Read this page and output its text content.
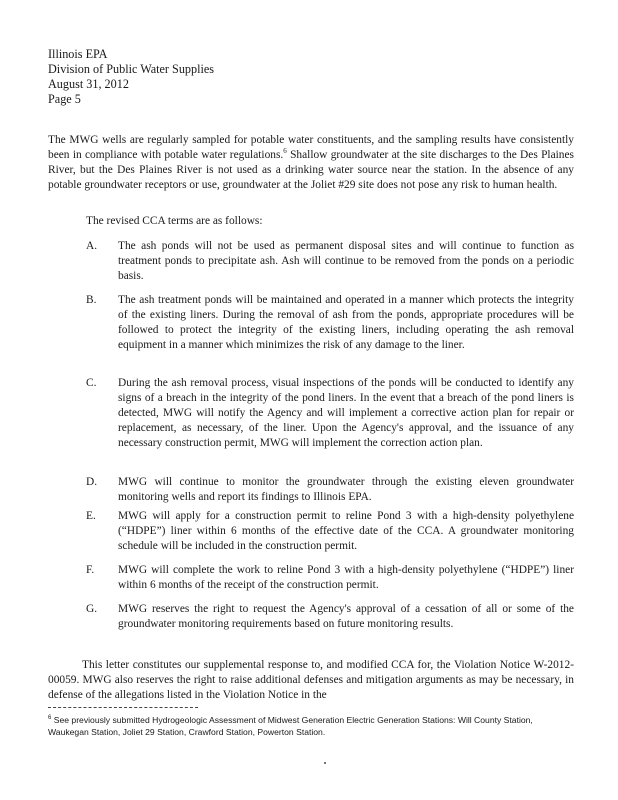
Illinois EPA
Division of Public Water Supplies
August 31, 2012
Page 5

The MWG wells are regularly sampled for potable water constituents, and the sampling results have consistently been in compliance with potable water regulations.$^6$ Shallow groundwater at the site discharges to the Des Plaines River, but the Des Plaines River is not used as a drinking water source near the station. In the absence of any potable groundwater receptors or use, groundwater at the Joliet #29 site does not pose any risk to human health.

The revised CCA terms are as follows:

A. The ash ponds will not be used as permanent disposal sites and will continue to function as treatment ponds to precipitate ash. Ash will continue to be removed from the ponds on a periodic basis.
B. The ash treatment ponds will be maintained and operated in a manner which protects the integrity of the existing liners. During the removal of ash from the ponds, appropriate procedures will be followed to protect the integrity of the existing liners, including operating the ash removal equipment in a manner which minimizes the risk of any damage to the liner.
C. During the ash removal process, visual inspections of the ponds will be conducted to identify any signs of a breach in the integrity of the pond liners. In the event that a breach of the pond liners is detected, MWG will notify the Agency and will implement a corrective action plan for repair or replacement, as necessary, of the liner. Upon the Agency's approval, and the issuance of any necessary construction permit, MWG will implement the correction action plan.
D. MWG will continue to monitor the groundwater through the existing eleven groundwater monitoring wells and report its findings to Illinois EPA.
E. MWG will apply for a construction permit to reline Pond 3 with a high-density polyethylene (“HDPE”) liner within 6 months of the effective date of the CCA. A groundwater monitoring schedule will be included in the construction permit.
F. MWG will complete the work to reline Pond 3 with a high-density polyethylene (“HDPE”) liner within 6 months of the receipt of the construction permit.
G. MWG reserves the right to request the Agency's approval of a cessation of all or some of the groundwater monitoring requirements based on future monitoring results.

This letter constitutes our supplemental response to, and modified CCA for, the Violation Notice W-2012-00059. MWG also reserves the right to raise additional defenses and mitigation arguments as may be necessary, in defense of the allegations listed in the Violation Notice in the

$^6$ See previously submitted Hydrogeologic Assessment of Midwest Generation Electric Generation Stations: Will County Station, Waukegan Station, Joliet 29 Station, Crawford Station, Powerton Station.
